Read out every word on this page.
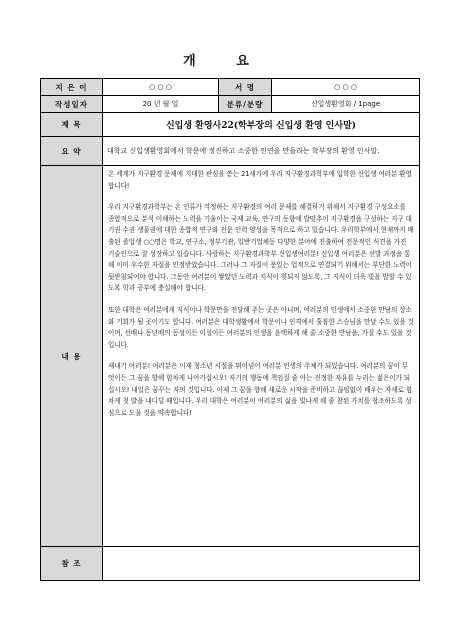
개 요
지 은 이	○ ○ ○	서 명	○ ○ ○
작성일자	20 년 월 일	분류/분량	신입생환영회 / 1page
제 목	신입생 환영사22(학부장의 신입생 환영 인사말)		
요 약	대학교 신입생환영회에서 학문에 정진하고 소중한 인연을 만들라는 학부장의 환영 인사말.		
내 용	온 세계가 지구환경 문제에 지대한 관심을 쏟는 21세기에 우리 지구환경과학부에 입학한 신입생 여러분 환영합니다!

우리 지구환경과학부는 온 인류가 걱정하는 지구환경의 여러 문제를 해결하기 위해서 지구환경 구성요소를 종합적으로 분석 이해하는 노력을 기울이는 국제 교육, 연구의 동향에 발맞추어 지구환경을 구성하는 지구 대기권 수권 생물권에 대한 종합적 연구와 전문 인력 양성을 목적으로 하고 있습니다. 우리학부에서 현재까지 배출된 졸업생 ○○명은 학교, 연구소, 정부기관, 일반기업체등 다양한 분야에 진출하여 전문적인 식견을 가진 기술인으로 잘 성장하고 있습니다. 사랑하는 지구환경과학부 신입생여러분! 신입생 여러분은 선발 과정을 통해 이미 우수한 자질을 인정받았습니다. 그러나 그 자질이 풍있는 업적으로 연결되기 위해서는 부단한 노력이 뒷받침되어야 합니다. 그동안 여러분이 쌓았던 노력과 지식이 헛되지 않도록, 그 지식이 더욱 빛을 발할 수 있도록 학과 공부에 충실해야 합니다.

또한 대학은 여러분에게 지식이나 학문만을 전달해 주는 곳은 아니며, 여러분의 인생에서 소중한 만남의 장소와 기회가 될 곳이기도 합니다. 여러분은 대학생활에서 학문이나 인격에서 훌륭한 스승님을 만날 수도 있을 것이며, 선배나 동년배의 동성이든 이성이든 여러분의 인생을 윤택하게 해 줄 소중한 만남을, 가질 수도 있을 것입니다.

새내기 여러분! 여러분은 이제 청소년 시절을 뛰어넘어 여러분 인생의 주체가 되었습니다. 여러분의 꿈이 무엇이든 그 꿈을 향해 힘차게 나아가십시오! 자기의 행동에 책임질 줄 아는 진정한 자유를 누리는 젊은이가 되십시오! 내일은 꿈꾸는 자의 것입니다. 이제 그 꿈을 향해 새로운 시작을 준비하고 끊임없이 배우는 자세로 힘차게 첫 발을 내디딜 때입니다. 우리 대학은 여러분이 여러분의 삶을 빛나게 해 줄 참된 가치를 창조하도록 성심으로 도울 것을 약속합니다!		

참 조			
